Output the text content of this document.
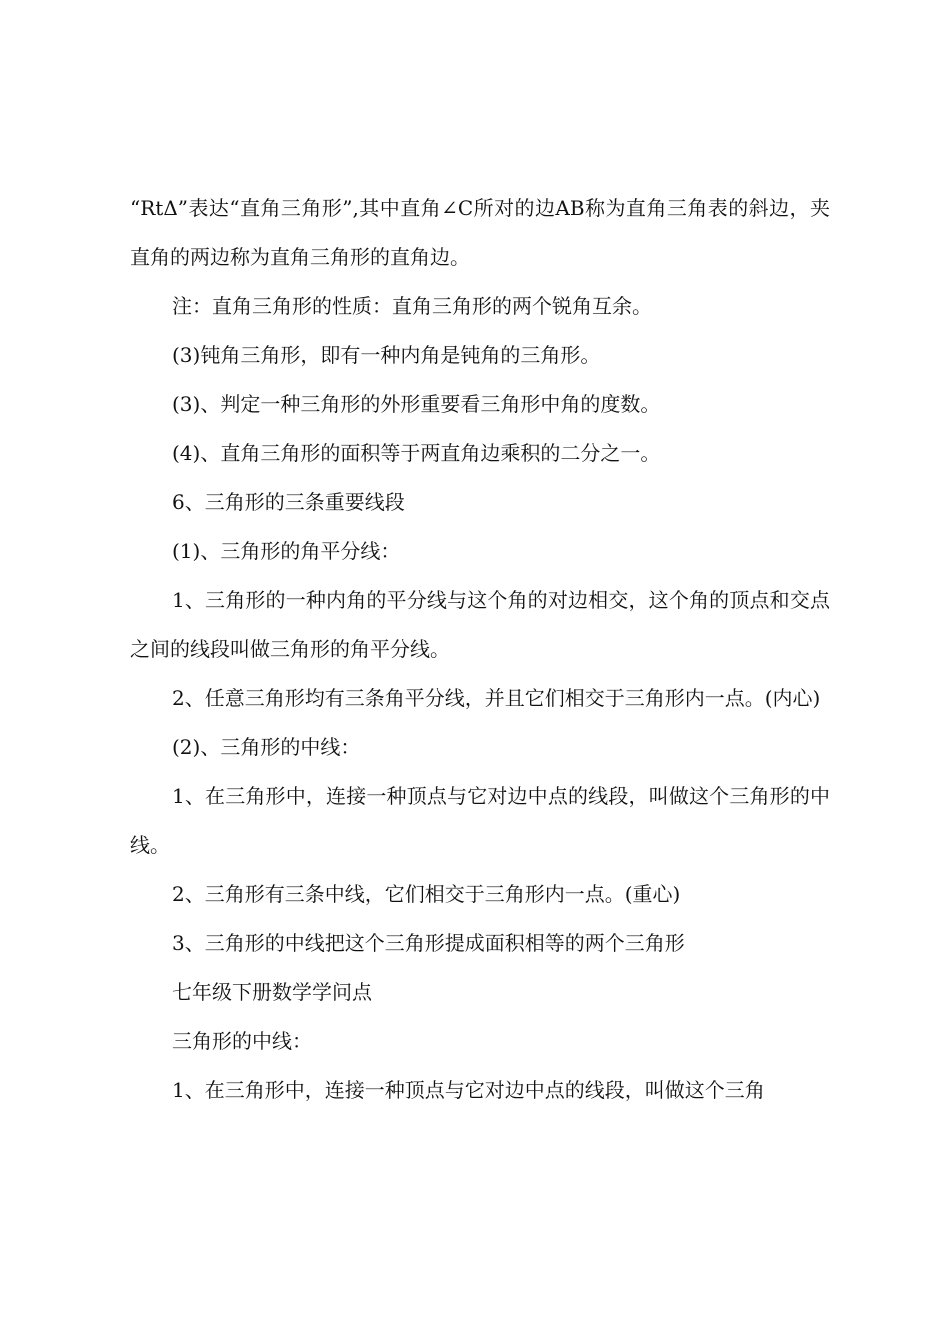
“RtΔ”表达“直角三角形”,其中直角∠C所对的边AB称为直角三角表的斜边，夹直角的两边称为直角三角形的直角边。

注：直角三角形的性质：直角三角形的两个锐角互余。

(3)钝角三角形，即有一种内角是钝角的三角形。

(3)、判定一种三角形的外形重要看三角形中角的度数。

(4)、直角三角形的面积等于两直角边乘积的二分之一。

6、三角形的三条重要线段

(1)、三角形的角平分线：

1、三角形的一种内角的平分线与这个角的对边相交，这个角的顶点和交点之间的线段叫做三角形的角平分线。

2、任意三角形均有三条角平分线，并且它们相交于三角形内一点。(内心)

(2)、三角形的中线：

1、在三角形中，连接一种顶点与它对边中点的线段，叫做这个三角形的中线。

2、三角形有三条中线，它们相交于三角形内一点。(重心)

3、三角形的中线把这个三角形提成面积相等的两个三角形

七年级下册数学学问点

三角形的中线：

1、在三角形中，连接一种顶点与它对边中点的线段，叫做这个三角
